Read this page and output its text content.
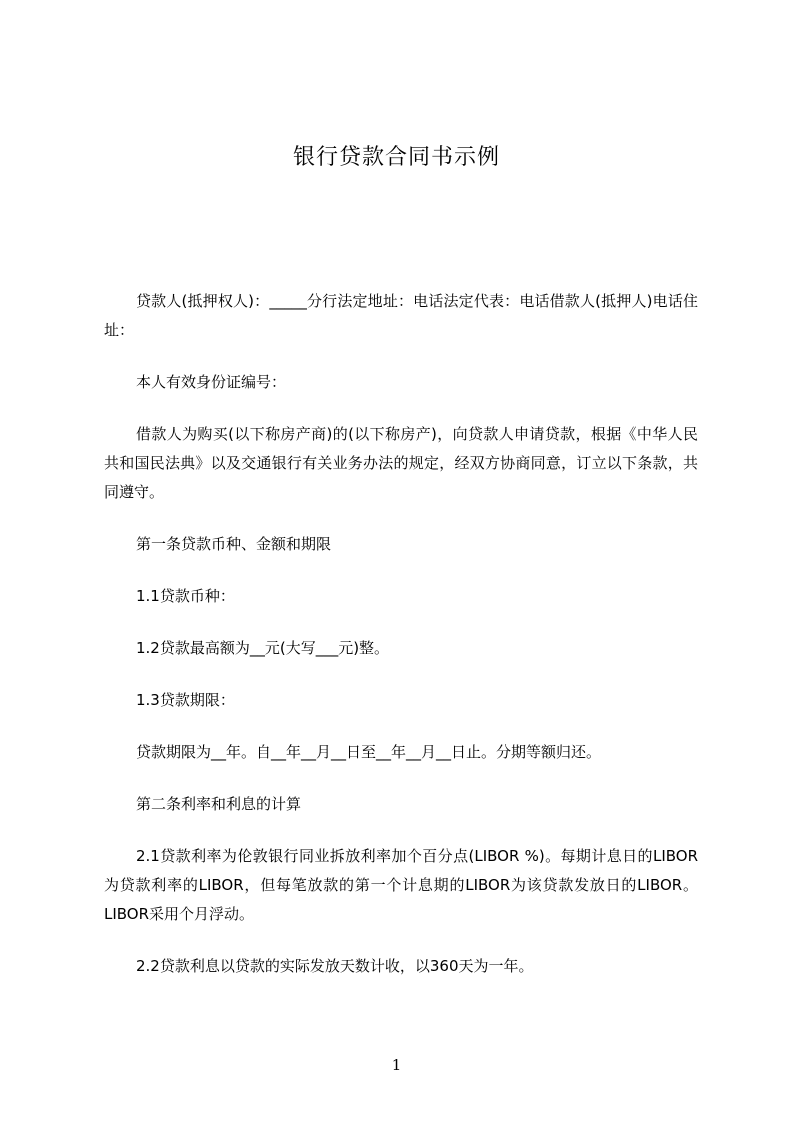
银行贷款合同书示例

贷款人(抵押权人)：_____分行法定地址：电话法定代表：电话借款人(抵押人)电话住址：

本人有效身份证编号：

借款人为购买(以下称房产商)的(以下称房产)，向贷款人申请贷款，根据《中华人民共和国民法典》以及交通银行有关业务办法的规定，经双方协商同意，订立以下条款，共同遵守。

第一条贷款币种、金额和期限

1.1贷款币种：

1.2贷款最高额为__元(大写___元)整。

1.3贷款期限：

贷款期限为__年。自__年__月__日至__年__月__日止。分期等额归还。

第二条利率和利息的计算

2.1贷款利率为伦敦银行同业拆放利率加个百分点(LIBOR %)。每期计息日的LIBOR为贷款利率的LIBOR，但每笔放款的第一个计息期的LIBOR为该贷款发放日的LIBOR。LIBOR采用个月浮动。

2.2贷款利息以贷款的实际发放天数计收，以360天为一年。

1
